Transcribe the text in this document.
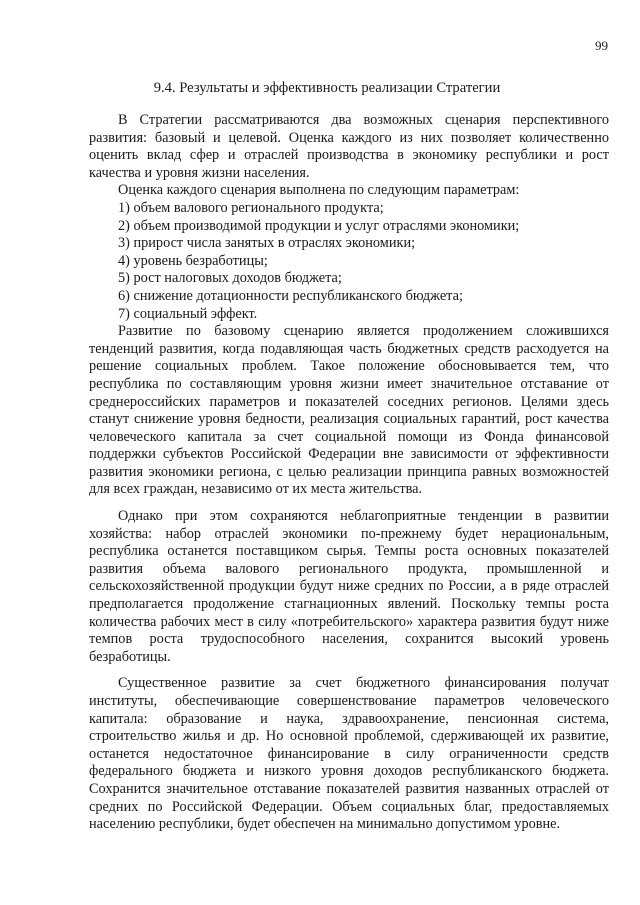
99
9.4. Результаты и эффективность реализации Стратегии

В Стратегии рассматриваются два возможных сценария перспективного развития: базовый и целевой. Оценка каждого из них позволяет количественно оценить вклад сфер и отраслей производства в экономику республики и рост качества и уровня жизни населения.

Оценка каждого сценария выполнена по следующим параметрам:

1) объем валового регионального продукта;
2) объем производимой продукции и услуг отраслями экономики;
3) прирост числа занятых в отраслях экономики;
4) уровень безработицы;
5) рост налоговых доходов бюджета;
6) снижение дотационности республиканского бюджета;
7) социальный эффект.

Развитие по базовому сценарию является продолжением сложившихся тенденций развития, когда подавляющая часть бюджетных средств расходуется на решение социальных проблем. Такое положение обосновывается тем, что республика по составляющим уровня жизни имеет значительное отставание от среднероссийских параметров и показателей соседних регионов. Целями здесь станут снижение уровня бедности, реализация социальных гарантий, рост качества человеческого капитала за счет социальной помощи из Фонда финансовой поддержки субъектов Российской Федерации вне зависимости от эффективности развития экономики региона, с целью реализации принципа равных возможностей для всех граждан, независимо от их места жительства.

Однако при этом сохраняются неблагоприятные тенденции в развитии хозяйства: набор отраслей экономики по-прежнему будет нерациональным, республика останется поставщиком сырья. Темпы роста основных показателей развития объема валового регионального продукта, промышленной и сельскохозяйственной продукции будут ниже средних по России, а в ряде отраслей предполагается продолжение стагнационных явлений. Поскольку темпы роста количества рабочих мест в силу «потребительского» характера развития будут ниже темпов роста трудоспособного населения, сохранится высокий уровень безработицы.

Существенное развитие за счет бюджетного финансирования получат институты, обеспечивающие совершенствование параметров человеческого капитала: образование и наука, здравоохранение, пенсионная система, строительство жилья и др. Но основной проблемой, сдерживающей их развитие, останется недостаточное финансирование в силу ограниченности средств федерального бюджета и низкого уровня доходов республиканского бюджета. Сохранится значительное отставание показателей развития названных отраслей от средних по Российской Федерации. Объем социальных благ, предоставляемых населению республики, будет обеспечен на минимально допустимом уровне.
